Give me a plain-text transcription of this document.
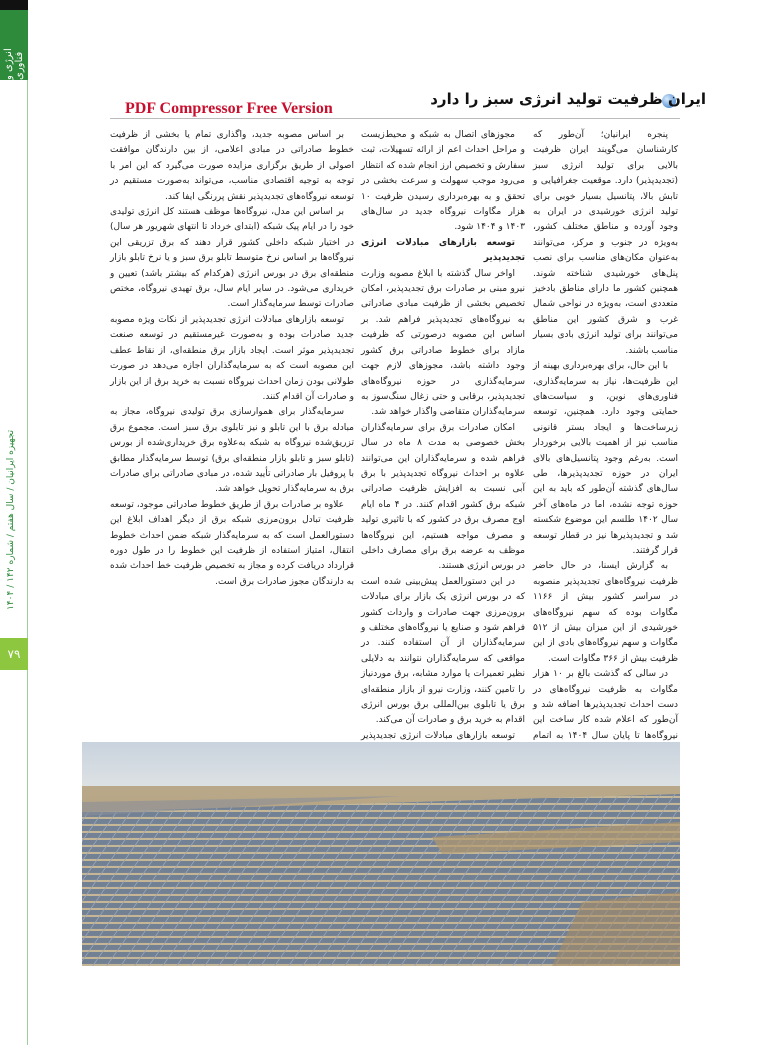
انرژی و فناوری
تجهیزه ایرانیان / سال هفتم / شماره ۱۴۲ / ۱۴۰۴
۷۹
ایران ظرفیت تولید انرژی سبز را دارد
PDF Compressor Free Version

پنجره ایرانیان؛ آن‌طور که کارشناسان می‌گویند ایران ظرفیت بالایی برای تولید انرژی سبز (تجدیدپذیر) دارد. موقعیت جغرافیایی و تابش بالا، پتانسیل بسیار خوبی برای تولید انرژی خورشیدی در ایران به وجود آورده و مناطق مختلف کشور، به‌ویژه در جنوب و مرکز، می‌توانند به‌عنوان مکان‌های مناسب برای نصب پنل‌های خورشیدی شناخته شوند. همچنین کشور ما دارای مناطق بادخیز متعددی است، به‌ویژه در نواحی شمال غرب و شرق کشور این مناطق می‌توانند برای تولید انرژی بادی بسیار مناسب باشند.

با این حال، برای بهره‌برداری بهینه از این ظرفیت‌ها، نیاز به سرمایه‌گذاری، فناوری‌های نوین، و سیاست‌های حمایتی وجود دارد. همچنین، توسعه زیرساخت‌ها و ایجاد بستر قانونی مناسب نیز از اهمیت بالایی برخوردار است. به‌رغم وجود پتانسیل‌های بالای ایران در حوزه تجدیدپذیرها، طی سال‌های گذشته آن‌طور که باید به این حوزه توجه نشده، اما در ماه‌های آخر سال ۱۴۰۲ طلسم این موضوع شکسته شد و تجدیدپذیرها نیز در قطار توسعه قرار گرفتند.

به گزارش ایسنا، در حال حاضر ظرفیت نیروگاه‌های تجدیدپذیر منصوبه در سراسر کشور بیش از ۱۱۶۶ مگاوات بوده که سهم نیروگاه‌های خورشیدی از این میزان بیش از ۵۱۲ مگاوات و سهم نیروگاه‌های بادی از این ظرفیت بیش از ۳۶۶ مگاوات است.

در سالی که گذشت بالغ بر ۱۰ هزار مگاوات به ظرفیت نیروگاه‌های در دست احداث تجدیدپذیرها اضافه شد و آن‌طور که اعلام شده کار ساخت این نیروگاه‌ها تا پایان سال ۱۴۰۴ به اتمام

مجوزهای اتصال به شبکه و محیط‌زیست و مراحل احداث اعم از ارائه تسهیلات، ثبت سفارش و تخصیص ارز انجام شده که انتظار می‌رود موجب سهولت و سرعت بخشی در تحقق و به بهره‌برداری رسیدن ظرفیت ۱۰ هزار مگاوات نیروگاه جدید در سال‌های ۱۴۰۳ و ۱۴۰۴ شود.

توسعه بازارهای مبادلات انرژی تجدیدپذیر

اواخر سال گذشته با ابلاغ مصوبه وزارت نیرو مبنی بر صادرات برق تجدیدپذیر، امکان تخصیص بخشی از ظرفیت مبادی صادراتی به نیروگاه‌های تجدیدپذیر فراهم شد. بر اساس این مصوبه درصورتی که ظرفیت مازاد برای خطوط صادراتی برق کشور وجود داشته باشد، مجوزهای لازم جهت سرمایه‌گذاری در حوزه نیروگاه‌های تجدیدپذیر، برقابی و حتی زغال سنگ‌سوز به سرمایه‌گذاران متقاضی واگذار خواهد شد.

امکان صادرات برق برای سرمایه‌گذاران بخش خصوصی به مدت ۸ ماه در سال فراهم شده و سرمایه‌گذاران این می‌توانند علاوه بر احداث نیروگاه تجدیدپذیر با برق آبی نسبت به افزایش ظرفیت صادراتی شبکه برق کشور اقدام کنند. در ۴ ماه ایام اوج مصرف برق در کشور که با تاثیری تولید و مصرف مواجه هستیم، این نیروگاه‌ها موظف به عرضه برق برای مصارف داخلی در بورس انرژی هستند.

در این دستورالعمل پیش‌بینی شده است که در بورس انرژی یک بازار برای مبادلات برون‌مرزی جهت صادرات و واردات کشور فراهم شود و صنایع یا نیروگاه‌های مختلف و سرمایه‌گذاران از آن استفاده کنند. در مواقعی که سرمایه‌گذاران نتوانند به دلایلی نظیر تعمیرات یا موارد مشابه، برق موردنیاز را تامین کنند، وزارت نیرو از بازار منطقه‌ای برق یا تابلوی بین‌المللی برق بورس انرژی اقدام به خرید برق و صادرات آن می‌کند.

توسعه بازارهای مبادلات انرژی تجدیدپذیر

بر اساس مصوبه جدید، واگذاری تمام یا بخشی از ظرفیت خطوط صادراتی در مبادی اعلامی، از بین دارندگان موافقت اصولی از طریق برگزاری مزایده صورت می‌گیرد که این امر با توجه به توجیه اقتصادی مناسب، می‌تواند به‌صورت مستقیم در توسعه نیروگاه‌های تجدیدپذیر نقش پررنگی ایفا کند.

بر اساس این مدل، نیروگاه‌ها موظف هستند کل انرژی تولیدی خود را در ایام پیک شبکه (ابتدای خرداد تا انتهای شهریور هر سال) در اختیار شبکه داخلی کشور قرار دهند که برق تزریقی این نیروگاه‌ها بر اساس نرخ متوسط تابلو برق سبز و یا نرخ تابلو بازار منطقه‌ای برق در بورس انرژی (هرکدام که بیشتر باشد) تعیین و خریداری می‌شود. در سایر ایام سال، برق تهیدی نیروگاه، مختص صادرات توسط سرمایه‌گذار است.

توسعه بازارهای مبادلات انرژی تجدیدپذیر از نکات ویژه مصوبه جدید صادرات بوده و به‌صورت غیرمستقیم در توسعه صنعت تجدیدپذیر موثر است. ایجاد بازار برق منطقه‌ای، از نقاط عطف این مصوبه است که به سرمایه‌گذاران اجازه می‌دهد در صورت طولانی بودن زمان احداث نیروگاه نسبت به خرید برق از این بازار و صادرات آن اقدام کنند.

سرمایه‌گذار برای هموارسازی برق تولیدی نیروگاه، مجاز به مبادله برق با این تابلو و نیز تابلوی برق سبز است. مجموع برق تزریق‌شده نیروگاه به شبکه به‌علاوه برق خریداری‌شده از بورس (تابلو سبز و تابلو بازار منطقه‌ای برق) توسط سرمایه‌گذار مطابق با پروفیل بار صادراتی تأیید شده، در مبادی صادراتی برای صادرات برق به سرمایه‌گذار تحویل خواهد شد.

علاوه بر صادرات برق از طریق خطوط صادراتی موجود، توسعه ظرفیت تبادل برون‌مرزی شبکه برق از دیگر اهداف ابلاغ این دستورالعمل است که به سرمایه‌گذار شبکه ضمن احداث خطوط انتقال، امتیاز استفاده از ظرفیت این خطوط را در طول دوره قرارداد دریافت کرده و مجاز به تخصیص ظرفیت خط احداث شده به دارندگان مجوز صادرات برق است.
